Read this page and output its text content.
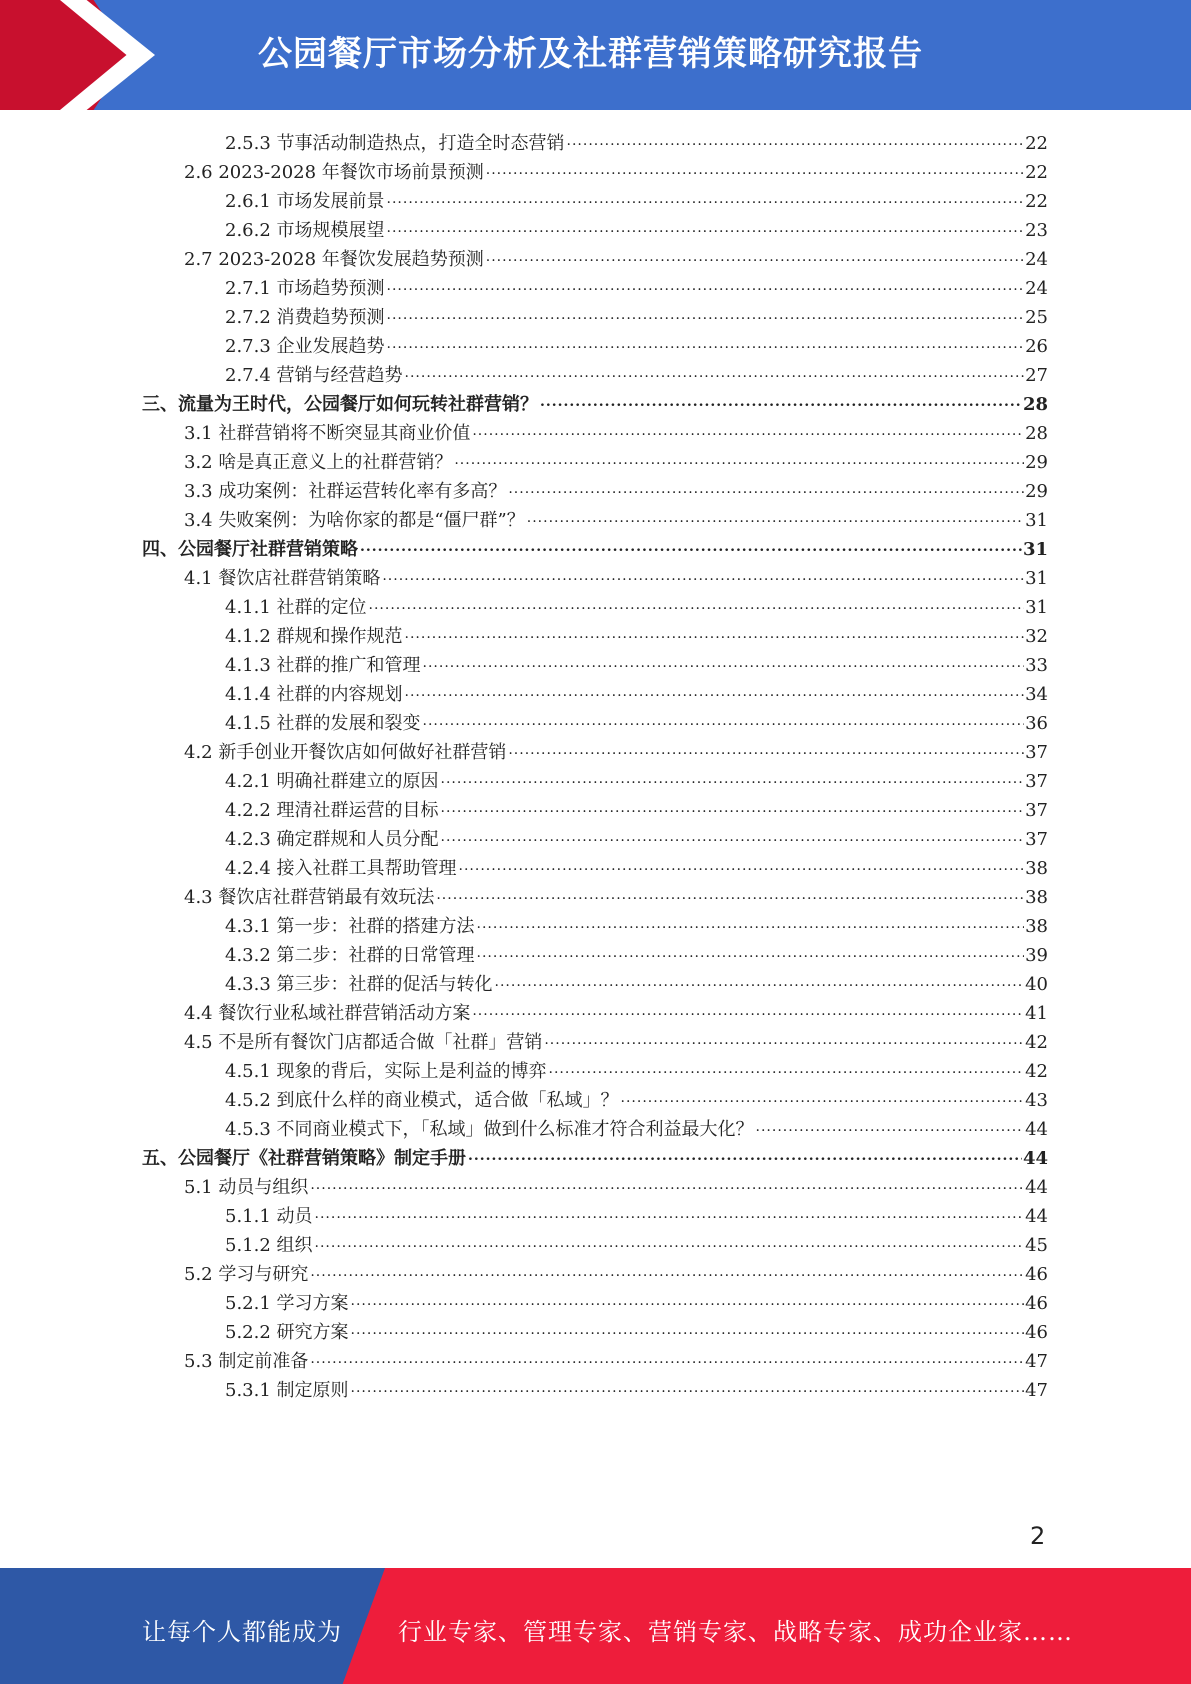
公园餐厅市场分析及社群营销策略研究报告
2.5.3 节事活动制造热点，打造全时态营销 .....	22
2.6 2023-2028 年餐饮市场前景预测 .....	22
2.6.1 市场发展前景 .....	22
2.6.2 市场规模展望 .....	23
2.7 2023-2028 年餐饮发展趋势预测 .....	24
2.7.1 市场趋势预测 .....	24
2.7.2 消费趋势预测 .....	25
2.7.3 企业发展趋势 .....	26
2.7.4 营销与经营趋势 .....	27
三、流量为王时代，公园餐厅如何玩转社群营销？ .....	28
3.1 社群营销将不断突显其商业价值 .....	28
3.2 啥是真正意义上的社群营销？ .....	29
3.3 成功案例：社群运营转化率有多高？ .....	29
3.4 失败案例：为啥你家的都是“僵尸群”？ .....	31
四、公园餐厅社群营销策略 .....	31
4.1 餐饮店社群营销策略 .....	31
4.1.1 社群的定位 .....	31
4.1.2 群规和操作规范 .....	32
4.1.3 社群的推广和管理 .....	33
4.1.4 社群的内容规划 .....	34
4.1.5 社群的发展和裂变 .....	36
4.2 新手创业开餐饮店如何做好社群营销 .....	37
4.2.1 明确社群建立的原因 .....	37
4.2.2 理清社群运营的目标 .....	37
4.2.3 确定群规和人员分配 .....	37
4.2.4 接入社群工具帮助管理 .....	38
4.3 餐饮店社群营销最有效玩法 .....	38
4.3.1 第一步：社群的搭建方法 .....	38
4.3.2 第二步：社群的日常管理 .....	39
4.3.3 第三步：社群的促活与转化 .....	40
4.4 餐饮行业私域社群营销活动方案 .....	41
4.5 不是所有餐饮门店都适合做「社群」营销 .....	42
4.5.1 现象的背后，实际上是利益的博弈 .....	42
4.5.2 到底什么样的商业模式，适合做「私域」？ .....	43
4.5.3 不同商业模式下，「私域」做到什么标准才符合利益最大化？ .....	44
五、公园餐厅《社群营销策略》制定手册 .....	44
5.1 动员与组织 .....	44
5.1.1 动员 .....	44
5.1.2 组织 .....	45
5.2 学习与研究 .....	46
5.2.1 学习方案 .....	46
5.2.2 研究方案 .....	46
5.3 制定前准备 .....	47
5.3.1 制定原则 .....	47
2
让每个人都能成为 行业专家、管理专家、营销专家、战略专家、成功企业家……
